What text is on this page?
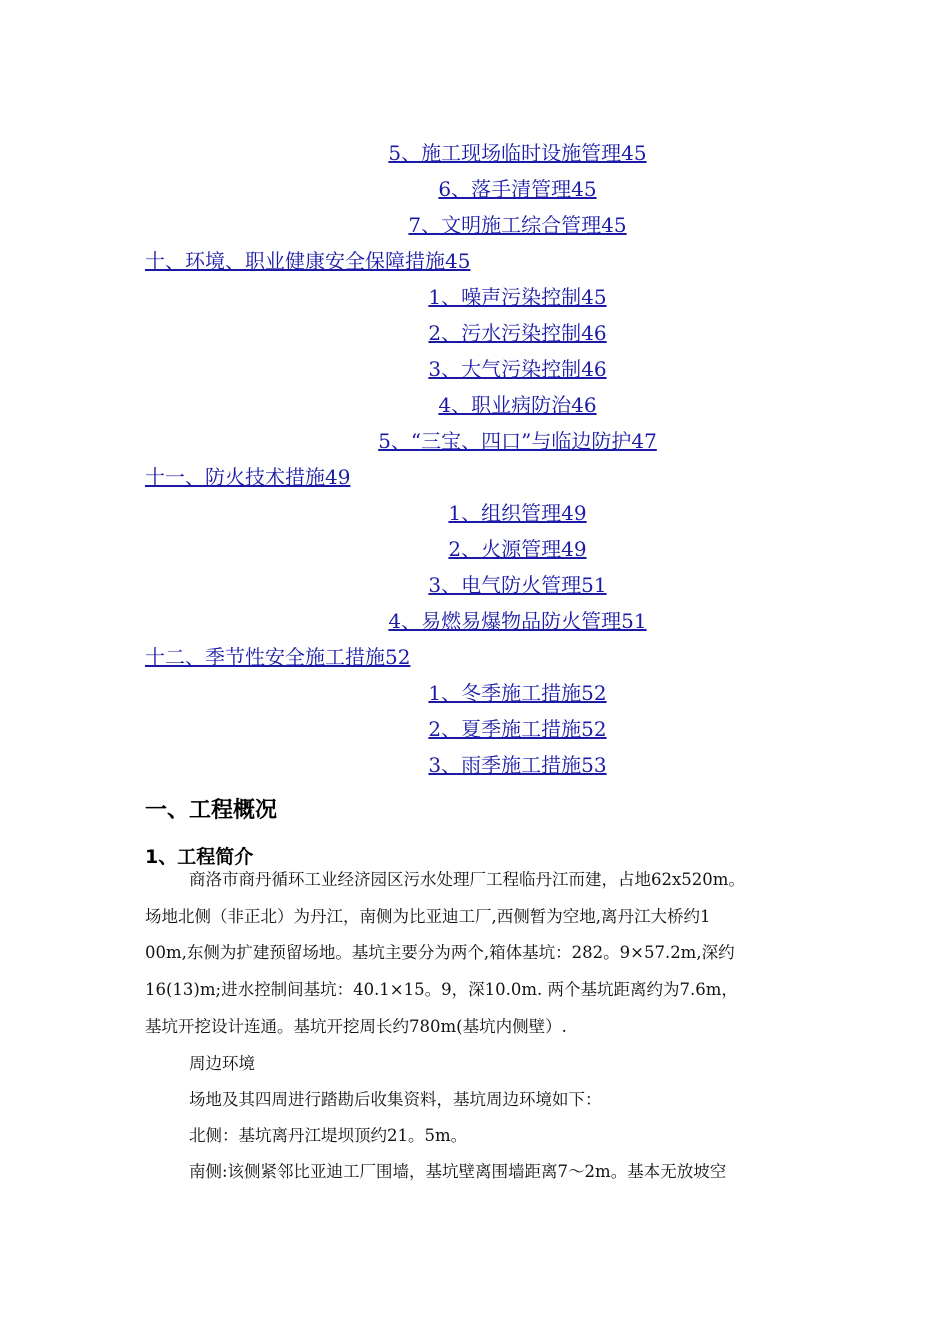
5、施工现场临时设施管理45
6、落手清管理45
7、文明施工综合管理45
十、环境、职业健康安全保障措施45
1、噪声污染控制45
2、污水污染控制46
3、大气污染控制46
4、职业病防治46
5、“三宝、四口”与临边防护47
十一、防火技术措施49
1、组织管理49
2、火源管理49
3、电气防火管理51
4、易燃易爆物品防火管理51
十二、季节性安全施工措施52
1、冬季施工措施52
2、夏季施工措施52
3、雨季施工措施53
一、工程概况
1、工程简介
商洛市商丹循环工业经济园区污水处理厂工程临丹江而建，占地62x520m。
场地北侧（非正北）为丹江，南侧为比亚迪工厂,西侧暂为空地,离丹江大桥约1
00m,东侧为扩建预留场地。基坑主要分为两个,箱体基坑：282。9×57.2m,深约
16(13)m;进水控制间基坑：40.1×15。9，深10.0m. 两个基坑距离约为7.6m，
基坑开挖设计连通。基坑开挖周长约780m(基坑内侧壁）.
周边环境
场地及其四周进行踏勘后收集资料，基坑周边环境如下：
北侧：基坑离丹江堤坝顶约21。5m。
南侧:该侧紧邻比亚迪工厂围墙，基坑壁离围墙距离7～2m。基本无放坡空
